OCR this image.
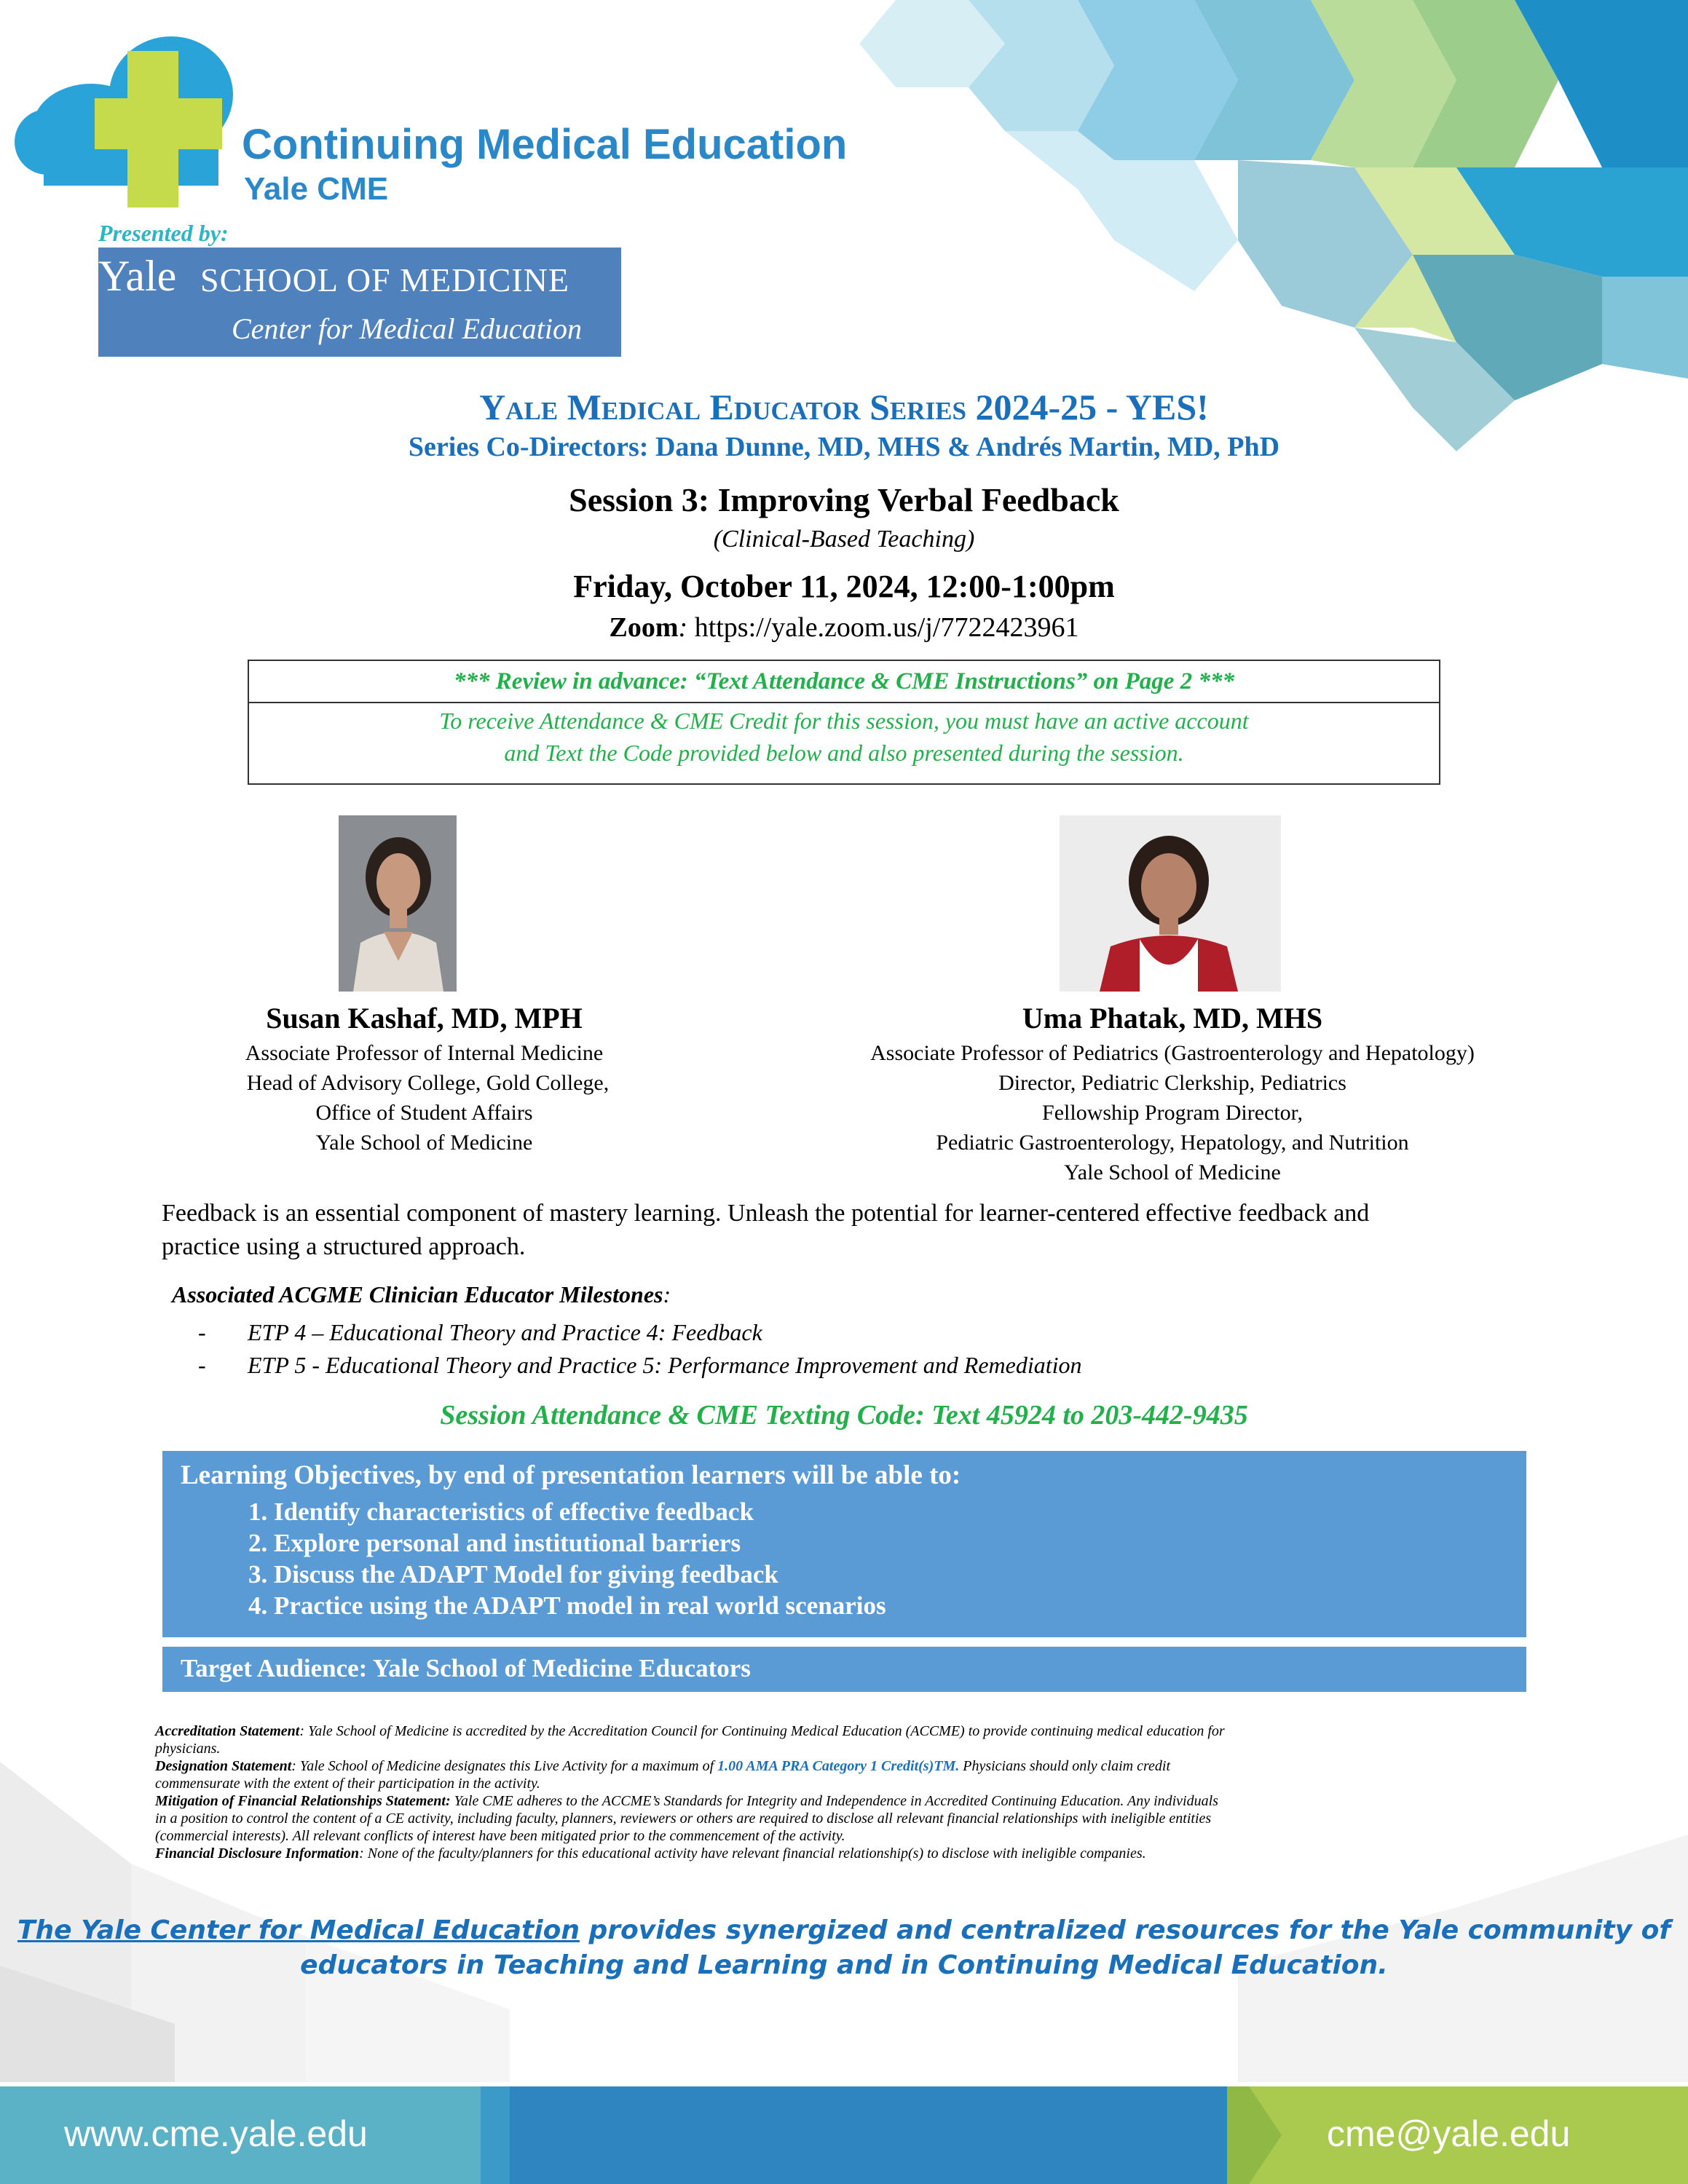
Continuing Medical Education
Yale CME
Presented by:
Yale SCHOOL OF MEDICINE
Center for Medical Education
Yale Medical Educator Series 2024-25 - YES!
Series Co-Directors: Dana Dunne, MD, MHS & Andrés Martin, MD, PhD
Session 3: Improving Verbal Feedback
(Clinical-Based Teaching)
Friday, October 11, 2024, 12:00-1:00pm
Zoom: https://yale.zoom.us/j/7722423961
*** Review in advance: “Text Attendance & CME Instructions” on Page 2 ***
To receive Attendance & CME Credit for this session, you must have an active account
and Text the Code provided below and also presented during the session.
Susan Kashaf, MD, MPH
Associate Professor of Internal Medicine
Head of Advisory College, Gold College,
Office of Student Affairs
Yale School of Medicine
Uma Phatak, MD, MHS
Associate Professor of Pediatrics (Gastroenterology and Hepatology)
Director, Pediatric Clerkship, Pediatrics
Fellowship Program Director,
Pediatric Gastroenterology, Hepatology, and Nutrition
Yale School of Medicine
Feedback is an essential component of mastery learning. Unleash the potential for learner-centered effective feedback and
practice using a structured approach.
Associated ACGME Clinician Educator Milestones:
- ETP 4 – Educational Theory and Practice 4: Feedback
- ETP 5 - Educational Theory and Practice 5: Performance Improvement and Remediation
Session Attendance & CME Texting Code: Text 45924 to 203-442-9435
Learning Objectives, by end of presentation learners will be able to:
1. Identify characteristics of effective feedback
2. Explore personal and institutional barriers
3. Discuss the ADAPT Model for giving feedback
4. Practice using the ADAPT model in real world scenarios
Target Audience: Yale School of Medicine Educators
Accreditation Statement: Yale School of Medicine is accredited by the Accreditation Council for Continuing Medical Education (ACCME) to provide continuing medical education for
physicians.
Designation Statement: Yale School of Medicine designates this Live Activity for a maximum of 1.00 AMA PRA Category 1 Credit(s)TM. Physicians should only claim credit
commensurate with the extent of their participation in the activity.
Mitigation of Financial Relationships Statement: Yale CME adheres to the ACCME’s Standards for Integrity and Independence in Accredited Continuing Education. Any individuals
in a position to control the content of a CE activity, including faculty, planners, reviewers or others are required to disclose all relevant financial relationships with ineligible entities
(commercial interests). All relevant conflicts of interest have been mitigated prior to the commencement of the activity.
Financial Disclosure Information: None of the faculty/planners for this educational activity have relevant financial relationship(s) to disclose with ineligible companies.
The Yale Center for Medical Education provides synergized and centralized resources for the Yale community of
educators in Teaching and Learning and in Continuing Medical Education.
www.cme.yale.edu	cme@yale.edu
